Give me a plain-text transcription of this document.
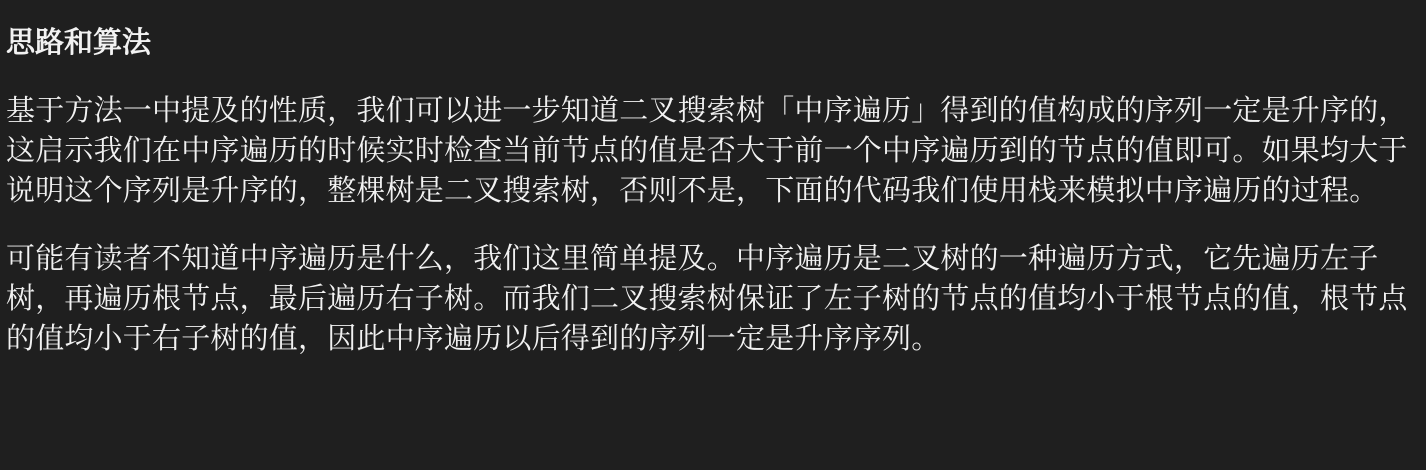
思路和算法

基于方法一中提及的性质，我们可以进一步知道二叉搜索树「中序遍历」得到的值构成的序列一定是升序的，这启示我们在中序遍历的时候实时检查当前节点的值是否大于前一个中序遍历到的节点的值即可。如果均大于说明这个序列是升序的，整棵树是二叉搜索树，否则不是，下面的代码我们使用栈来模拟中序遍历的过程。

可能有读者不知道中序遍历是什么，我们这里简单提及。中序遍历是二叉树的一种遍历方式，它先遍历左子树，再遍历根节点，最后遍历右子树。而我们二叉搜索树保证了左子树的节点的值均小于根节点的值，根节点的值均小于右子树的值，因此中序遍历以后得到的序列一定是升序序列。
